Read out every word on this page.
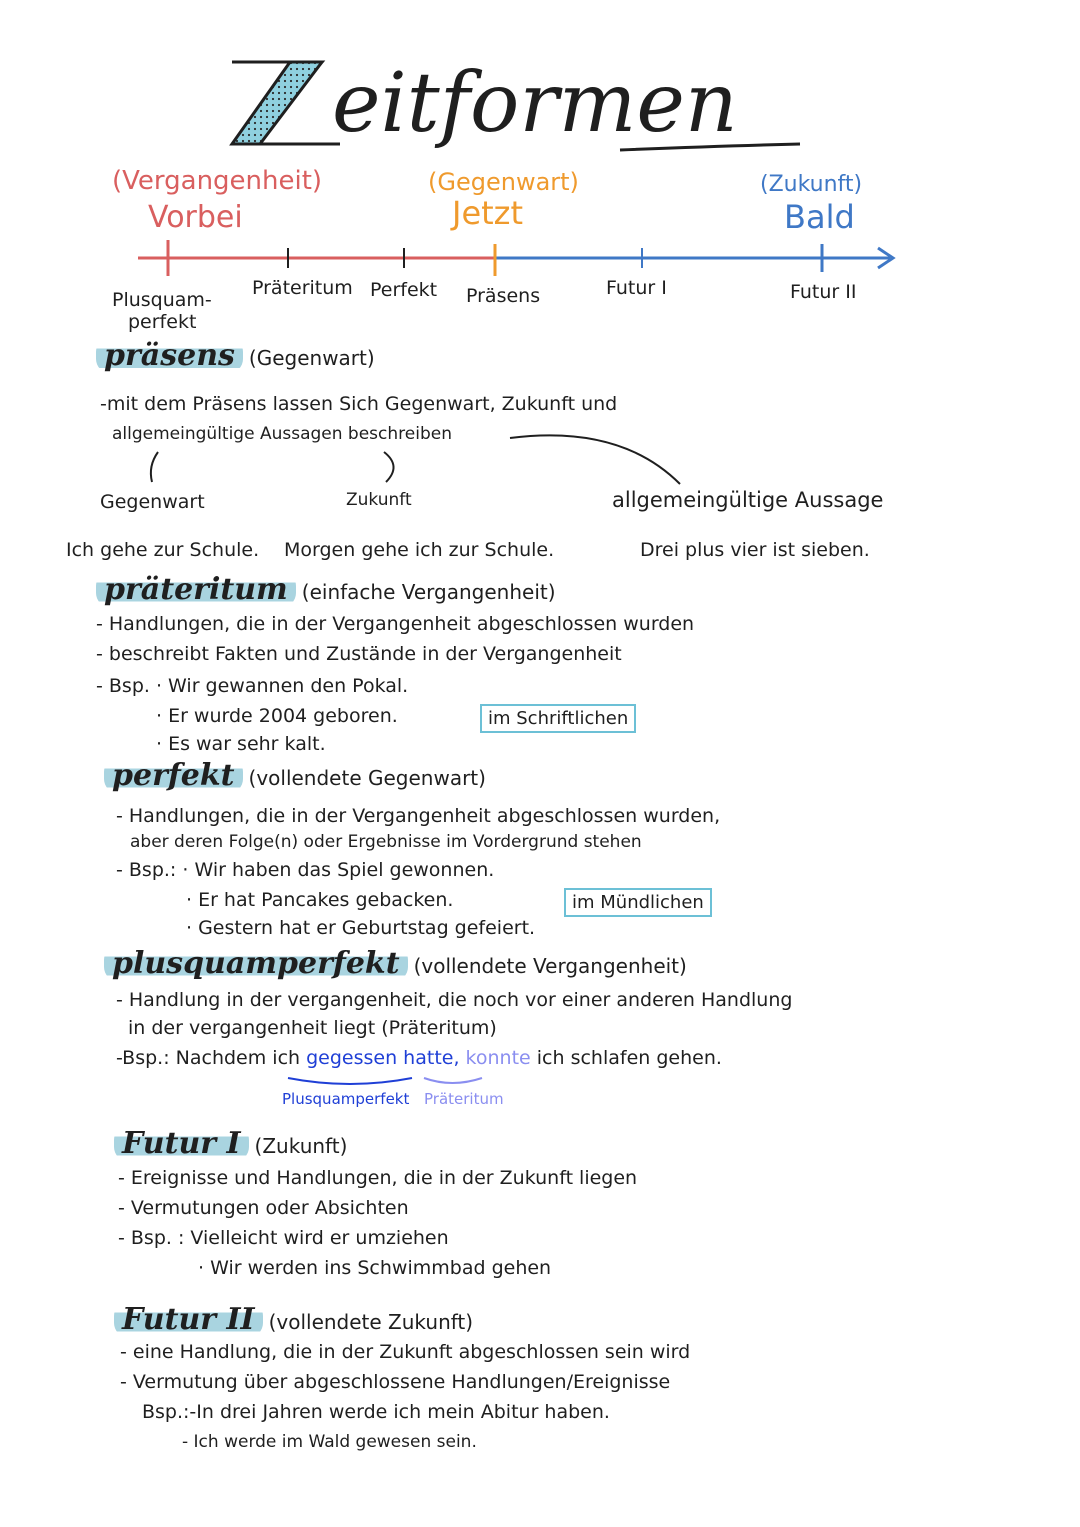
eitformen
(Vergangenheit)
Vorbei
(Gegenwart)
Jetzt
(Zukunft)
Bald
Plusquam-
perfekt
Präteritum Perfekt Präsens	Futur I	Futur II
präsens (Gegenwart)
-mit dem Präsens lassen Sich Gegenwart, Zukunft und
allgemeingültige Aussagen beschreiben
Gegenwart	Zukunft	allgemeingültige Aussage
Ich gehe zur Schule. Morgen gehe ich zur Schule.	Drei plus vier ist sieben.
präteritum (einfache Vergangenheit)
- Handlungen, die in der Vergangenheit abgeschlossen wurden
- beschreibt Fakten und Zustände in der Vergangenheit
- Bsp. · Wir gewannen den Pokal.
· Er wurde 2004 geboren.
· Es war sehr kalt.
im Schriftlichen
perfekt (vollendete Gegenwart)
- Handlungen, die in der Vergangenheit abgeschlossen wurden,
aber deren Folge(n) oder Ergebnisse im Vordergrund stehen
- Bsp.: · Wir haben das Spiel gewonnen.
· Er hat Pancakes gebacken.
· Gestern hat er Geburtstag gefeiert.
im Mündlichen
plusquamperfekt (vollendete Vergangenheit)
- Handlung in der vergangenheit, die noch vor einer anderen Handlung
in der vergangenheit liegt (Präteritum)
-Bsp.: Nachdem ich gegessen hatte, konnte ich schlafen gehen.
Plusquamperfekt Präteritum
Futur I (Zukunft)
- Ereignisse und Handlungen, die in der Zukunft liegen
- Vermutungen oder Absichten
- Bsp. : Vielleicht wird er umziehen
· Wir werden ins Schwimmbad gehen
Futur II (vollendete Zukunft)
- eine Handlung, die in der Zukunft abgeschlossen sein wird
- Vermutung über abgeschlossene Handlungen/Ereignisse
Bsp.:-In drei Jahren werde ich mein Abitur haben.
- Ich werde im Wald gewesen sein.
